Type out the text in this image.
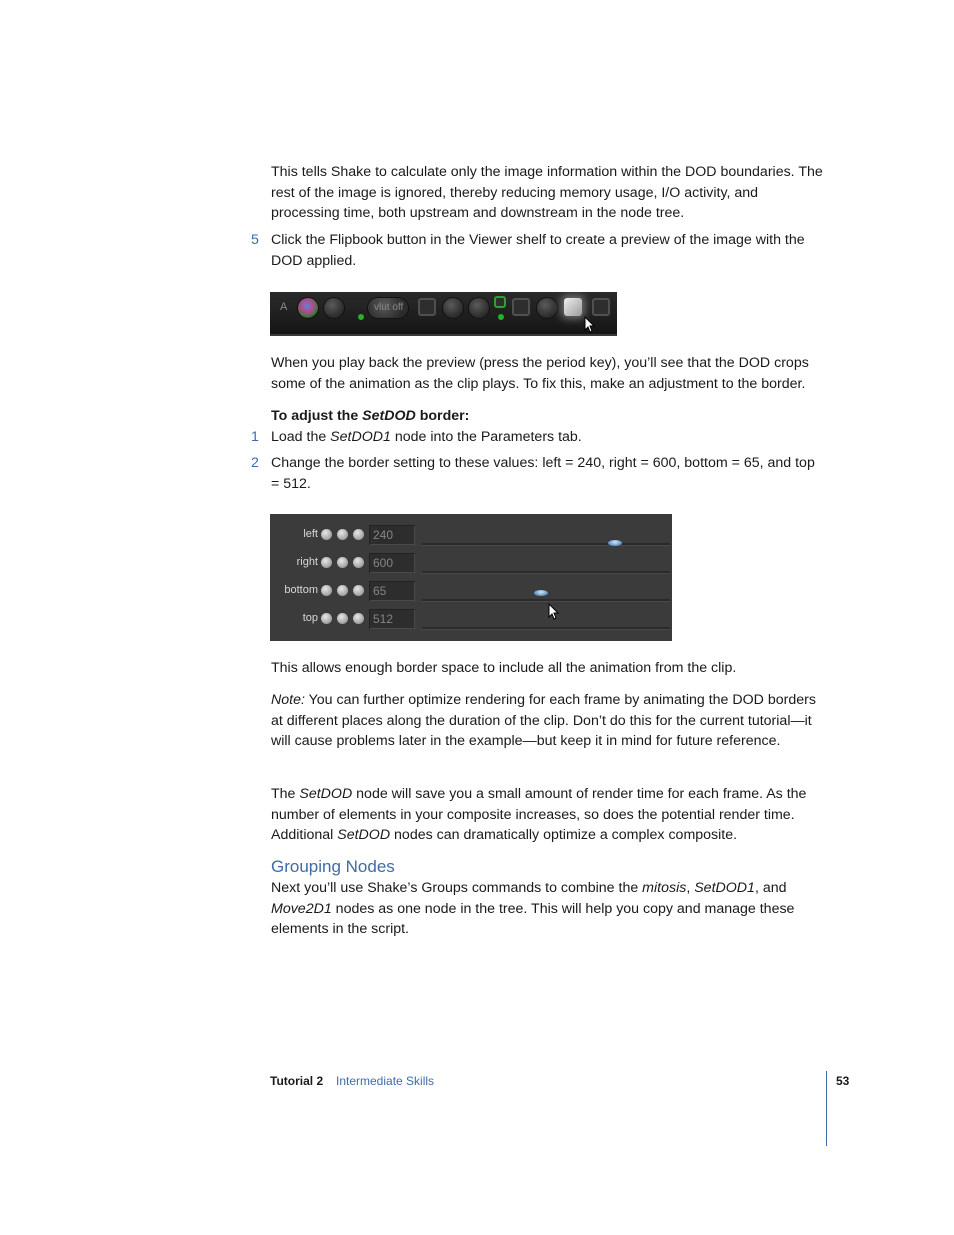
This tells Shake to calculate only the image information within the DOD boundaries. The rest of the image is ignored, thereby reducing memory usage, I/O activity, and processing time, both upstream and downstream in the node tree.

5 Click the Flipbook button in the Viewer shelf to create a preview of the image with the DOD applied.

A	vlut off

When you play back the preview (press the period key), you’ll see that the DOD crops some of the animation as the clip plays. To fix this, make an adjustment to the border.

To adjust the SetDOD border:

1 Load the SetDOD1 node into the Parameters tab.

2 Change the border setting to these values: left = 240, right = 600, bottom = 65, and top = 512.

left	240
right	600
bottom	65
top	512

This allows enough border space to include all the animation from the clip.

Note: You can further optimize rendering for each frame by animating the DOD borders at different places along the duration of the clip. Don’t do this for the current tutorial—it will cause problems later in the example—but keep it in mind for future reference.

The SetDOD node will save you a small amount of render time for each frame. As the number of elements in your composite increases, so does the potential render time. Additional SetDOD nodes can dramatically optimize a complex composite.

Grouping Nodes

Next you’ll use Shake’s Groups commands to combine the mitosis, SetDOD1, and Move2D1 nodes as one node in the tree. This will help you copy and manage these elements in the script.

Tutorial 2 Intermediate Skills	53
